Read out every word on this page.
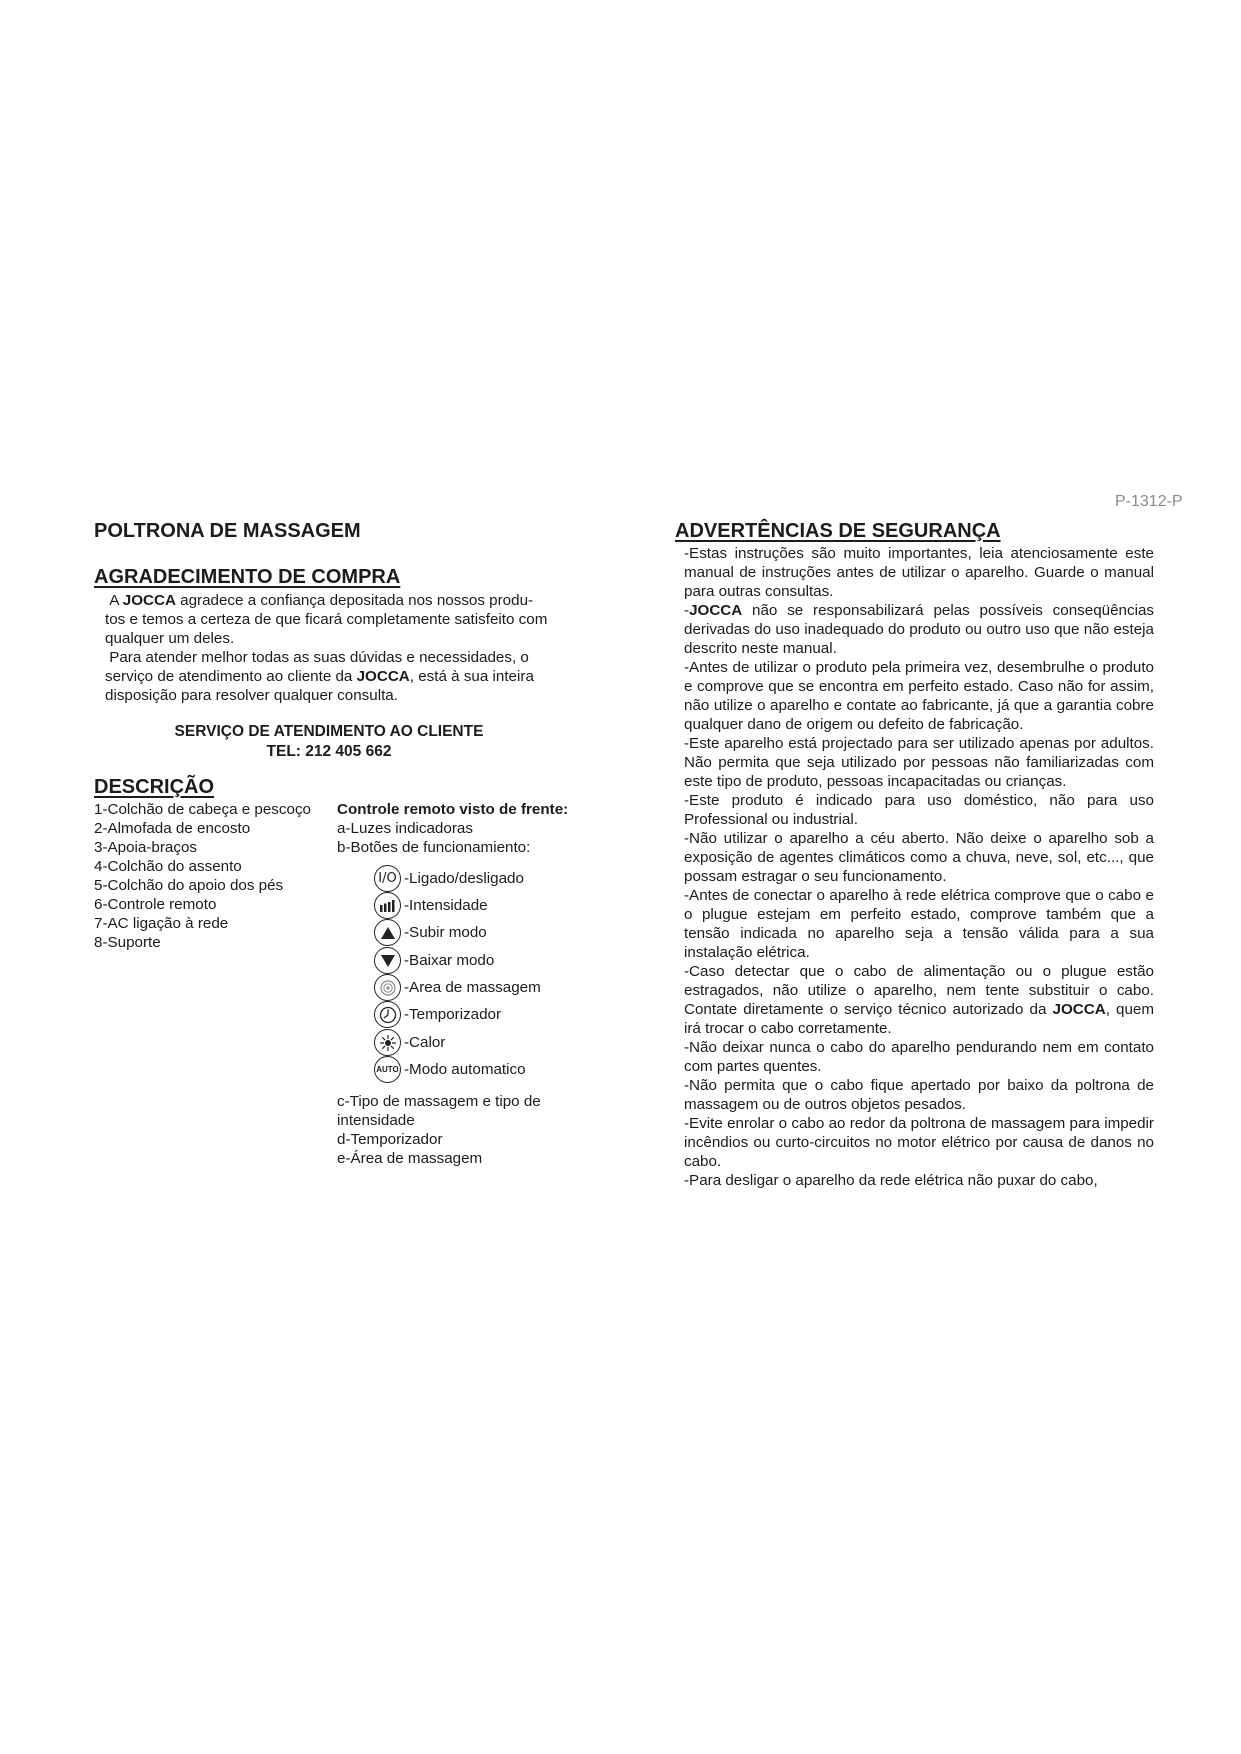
P-1312-P
POLTRONA DE MASSAGEM
AGRADECIMENTO DE COMPRA

A JOCCA agradece a confiança depositada nos nossos produ-

tos e temos a certeza de que ficará completamente satisfeito com

qualquer um deles.

Para atender melhor todas as suas dúvidas e necessidades, o

serviço de atendimento ao cliente da JOCCA, está à sua inteira

disposição para resolver qualquer consulta.

SERVIÇO DE ATENDIMENTO AO CLIENTE
TEL: 212 405 662
DESCRIÇÃO
1-Colchão de cabeça e pescoço
2-Almofada de encosto
3-Apoia-braços
4-Colchão do assento
5-Colchão do apoio dos pés
6-Controle remoto
7-AC ligação à rede
8-Suporte
Controle remoto visto de frente:
a-Luzes indicadoras
b-Botões de funcionamiento:
I/O -Ligado/desligado
-Intensidade
-Subir modo
-Baixar modo
-Area de massagem
-Temporizador
-Calor
AUTO -Modo automatico
c-Tipo de massagem e tipo de
intensidade
d-Temporizador
e-Área de massagem
ADVERTÊNCIAS DE SEGURANÇA

-Estas instruções são muito importantes, leia atenciosamente este manual de instruções antes de utilizar o aparelho. Guarde o manual para outras consultas.

-JOCCA não se responsabilizará pelas possíveis conseqüências derivadas do uso inadequado do produto ou outro uso que não esteja descrito neste manual.

-Antes de utilizar o produto pela primeira vez, desembrulhe o produto e comprove que se encontra em perfeito estado. Caso não for assim, não utilize o aparelho e contate ao fabricante, já que a garantia cobre qualquer dano de origem ou defeito de fabricação.

-Este aparelho está projectado para ser utilizado apenas por adultos. Não permita que seja utilizado por pessoas não familiarizadas com este tipo de produto, pessoas incapacitadas ou crianças.

-Este produto é indicado para uso doméstico, não para uso Professional ou industrial.

-Não utilizar o aparelho a céu aberto. Não deixe o aparelho sob a exposição de agentes climáticos como a chuva, neve, sol, etc..., que possam estragar o seu funcionamento.

-Antes de conectar o aparelho à rede elétrica comprove que o cabo e o plugue estejam em perfeito estado, comprove também que a tensão indicada no aparelho seja a tensão válida para a sua instalação elétrica.

-Caso detectar que o cabo de alimentação ou o plugue estão estragados, não utilize o aparelho, nem tente substituir o cabo. Contate diretamente o serviço técnico autorizado da JOCCA, quem irá trocar o cabo corretamente.

-Não deixar nunca o cabo do aparelho pendurando nem em contato com partes quentes.

-Não permita que o cabo fique apertado por baixo da poltrona de massagem ou de outros objetos pesados.

-Evite enrolar o cabo ao redor da poltrona de massagem para impedir incêndios ou curto-circuitos no motor elétrico por causa de danos no cabo.

-Para desligar o aparelho da rede elétrica não puxar do cabo,
